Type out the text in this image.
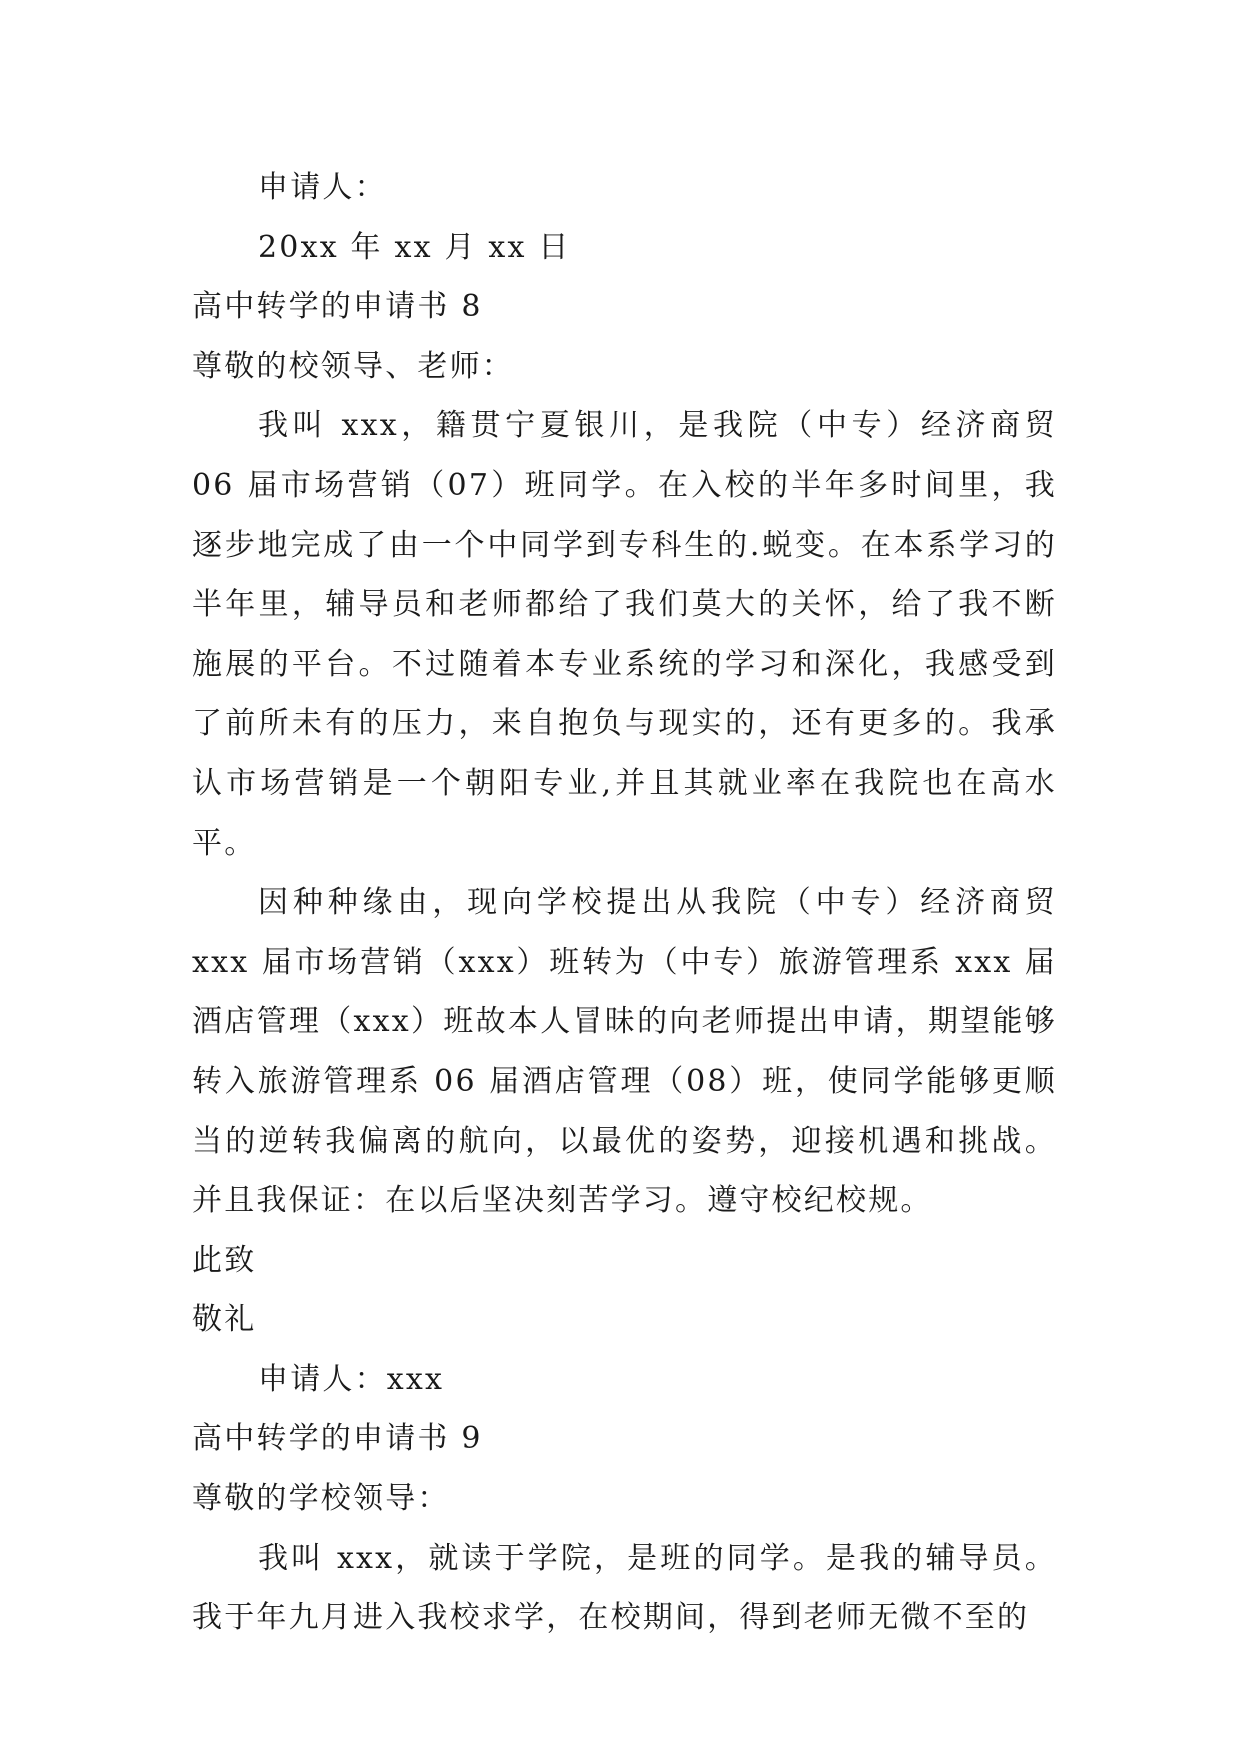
申请人：

20xx 年 xx 月 xx 日

高中转学的申请书 8

尊敬的校领导、老师：

我叫 xxx，籍贯宁夏银川，是我院（中专）经济商贸 06 届市场营销（07）班同学。在入校的半年多时间里，我逐步地完成了由一个中同学到专科生的.蜕变。在本系学习的半年里，辅导员和老师都给了我们莫大的关怀，给了我不断施展的平台。不过随着本专业系统的学习和深化，我感受到了前所未有的压力，来自抱负与现实的，还有更多的。我承认市场营销是一个朝阳专业,并且其就业率在我院也在高水平。

因种种缘由，现向学校提出从我院（中专）经济商贸 xxx 届市场营销（xxx）班转为（中专）旅游管理系 xxx 届酒店管理（xxx）班故本人冒昧的向老师提出申请，期望能够转入旅游管理系 06 届酒店管理（08）班，使同学能够更顺当的逆转我偏离的航向，以最优的姿势，迎接机遇和挑战。并且我保证：在以后坚决刻苦学习。遵守校纪校规。

此致

敬礼

申请人：xxx

高中转学的申请书 9

尊敬的学校领导：

我叫 xxx，就读于学院，是班的同学。是我的辅导员。我于年九月进入我校求学，在校期间，得到老师无微不至的
